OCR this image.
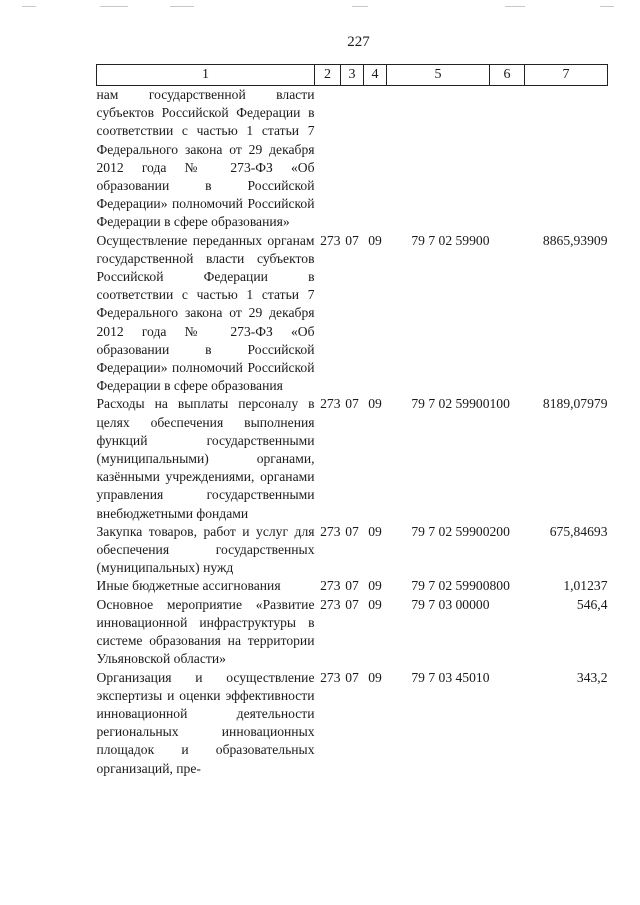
227
1	2	3	4	5	6	7
нам государственной власти субъектов Российской Федерации в соответствии с частью 1 статьи 7 Федерального закона от 29 декабря 2012 года № 273-ФЗ «Об образовании в Российской Федерации» полномочий Российской Федерации в сфере образования»						
Осуществление переданных органам государственной власти субъектов Российской Федерации в соответствии с частью 1 статьи 7 Федерального закона от 29 декабря 2012 года № 273-ФЗ «Об образовании в Российской Федерации» полномочий Российской Федерации в сфере образования	273	07	09	79 7 02 59900		8865,93909
Расходы на выплаты персоналу в целях обеспечения выполнения функций государственными (муниципальными) органами, казёнными учреждениями, органами управления государственными внебюджетными фондами	273	07	09	79 7 02 59900	100	8189,07979
Закупка товаров, работ и услуг для обеспечения государственных (муниципальных) нужд	273	07	09	79 7 02 59900	200	675,84693
Иные бюджетные ассигнования	273	07	09	79 7 02 59900	800	1,01237
Основное мероприятие «Развитие инновационной инфраструктуры в системе образования на территории Ульяновской области»	273	07	09	79 7 03 00000		546,4
Организация и осуществление экспертизы и оценки эффективности инновационной деятельности региональных инновационных площадок и образовательных организаций, пре-	273	07	09	79 7 03 45010		343,2
